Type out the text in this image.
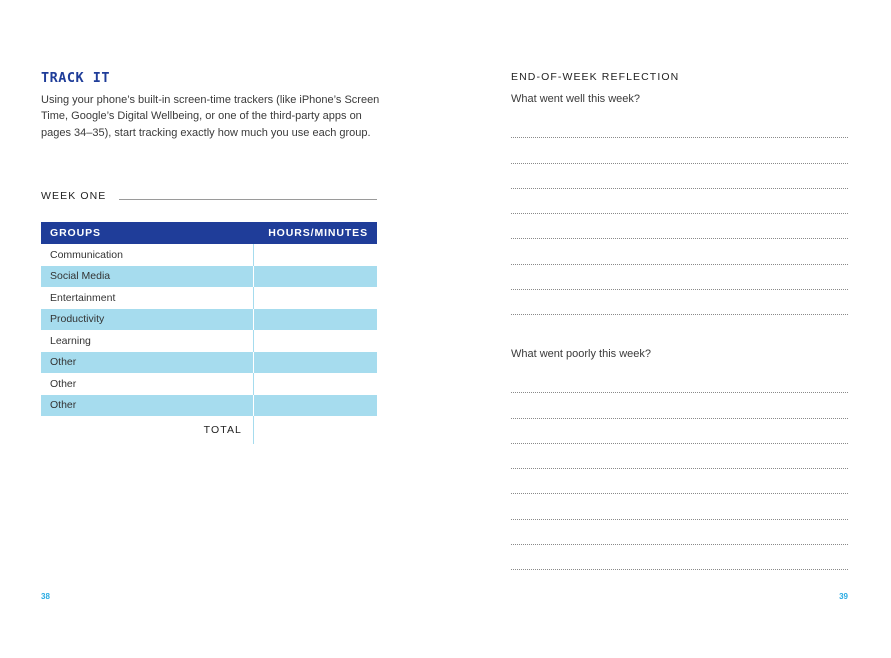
TRACK IT

Using your phone’s built-in screen-time trackers (like iPhone’s Screen Time, Google’s Digital Wellbeing, or one of the third-party apps on pages 34–35), start tracking exactly how much you use each group.

WEEK ONE
GROUPS	HOURS/MINUTES
Communication
Social Media
Entertainment
Productivity
Learning
Other
Other
Other
TOTAL
38
END-OF-WEEK REFLECTION
What went well this week?
What went poorly this week?
39
